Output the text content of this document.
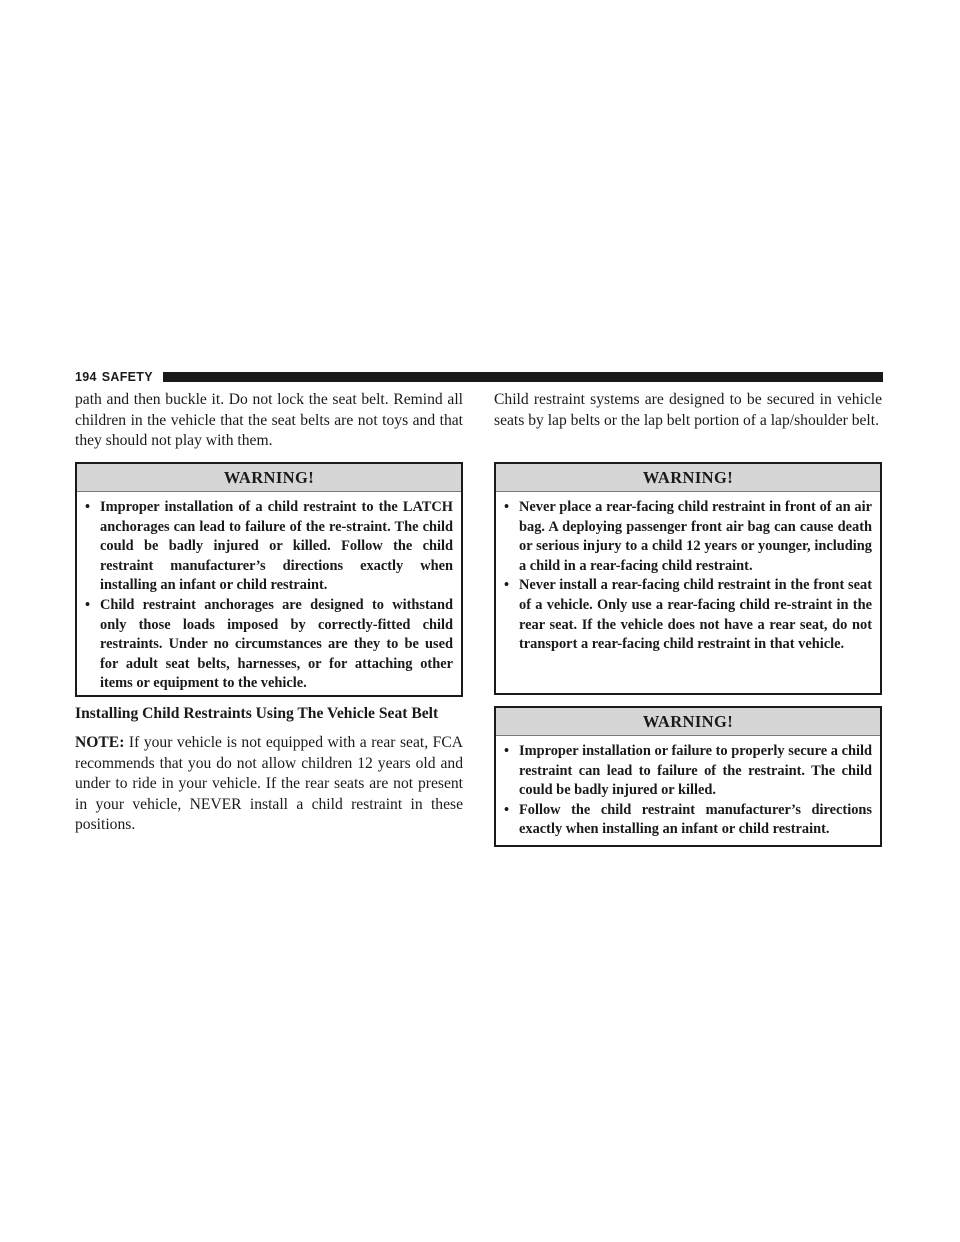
194 SAFETY

path and then buckle it. Do not lock the seat belt. Remind all children in the vehicle that the seat belts are not toys and that they should not play with them.

WARNING!
• Improper installation of a child restraint to the LATCH anchorages can lead to failure of the re-straint. The child could be badly injured or killed. Follow the child restraint manufacturer’s directions exactly when installing an infant or child restraint.
• Child restraint anchorages are designed to withstand only those loads imposed by correctly-fitted child restraints. Under no circumstances are they to be used for adult seat belts, harnesses, or for attaching other items or equipment to the vehicle.

Installing Child Restraints Using The Vehicle Seat Belt

NOTE: If your vehicle is not equipped with a rear seat, FCA recommends that you do not allow children 12 years old and under to ride in your vehicle. If the rear seats are not present in your vehicle, NEVER install a child restraint in these positions.

Child restraint systems are designed to be secured in vehicle seats by lap belts or the lap belt portion of a lap/shoulder belt.

WARNING!
• Never place a rear-facing child restraint in front of an air bag. A deploying passenger front air bag can cause death or serious injury to a child 12 years or younger, including a child in a rear-facing child restraint.
• Never install a rear-facing child restraint in the front seat of a vehicle. Only use a rear-facing child re-straint in the rear seat. If the vehicle does not have a rear seat, do not transport a rear-facing child restraint in that vehicle.
WARNING!
• Improper installation or failure to properly secure a child restraint can lead to failure of the restraint. The child could be badly injured or killed.
• Follow the child restraint manufacturer’s directions exactly when installing an infant or child restraint.
